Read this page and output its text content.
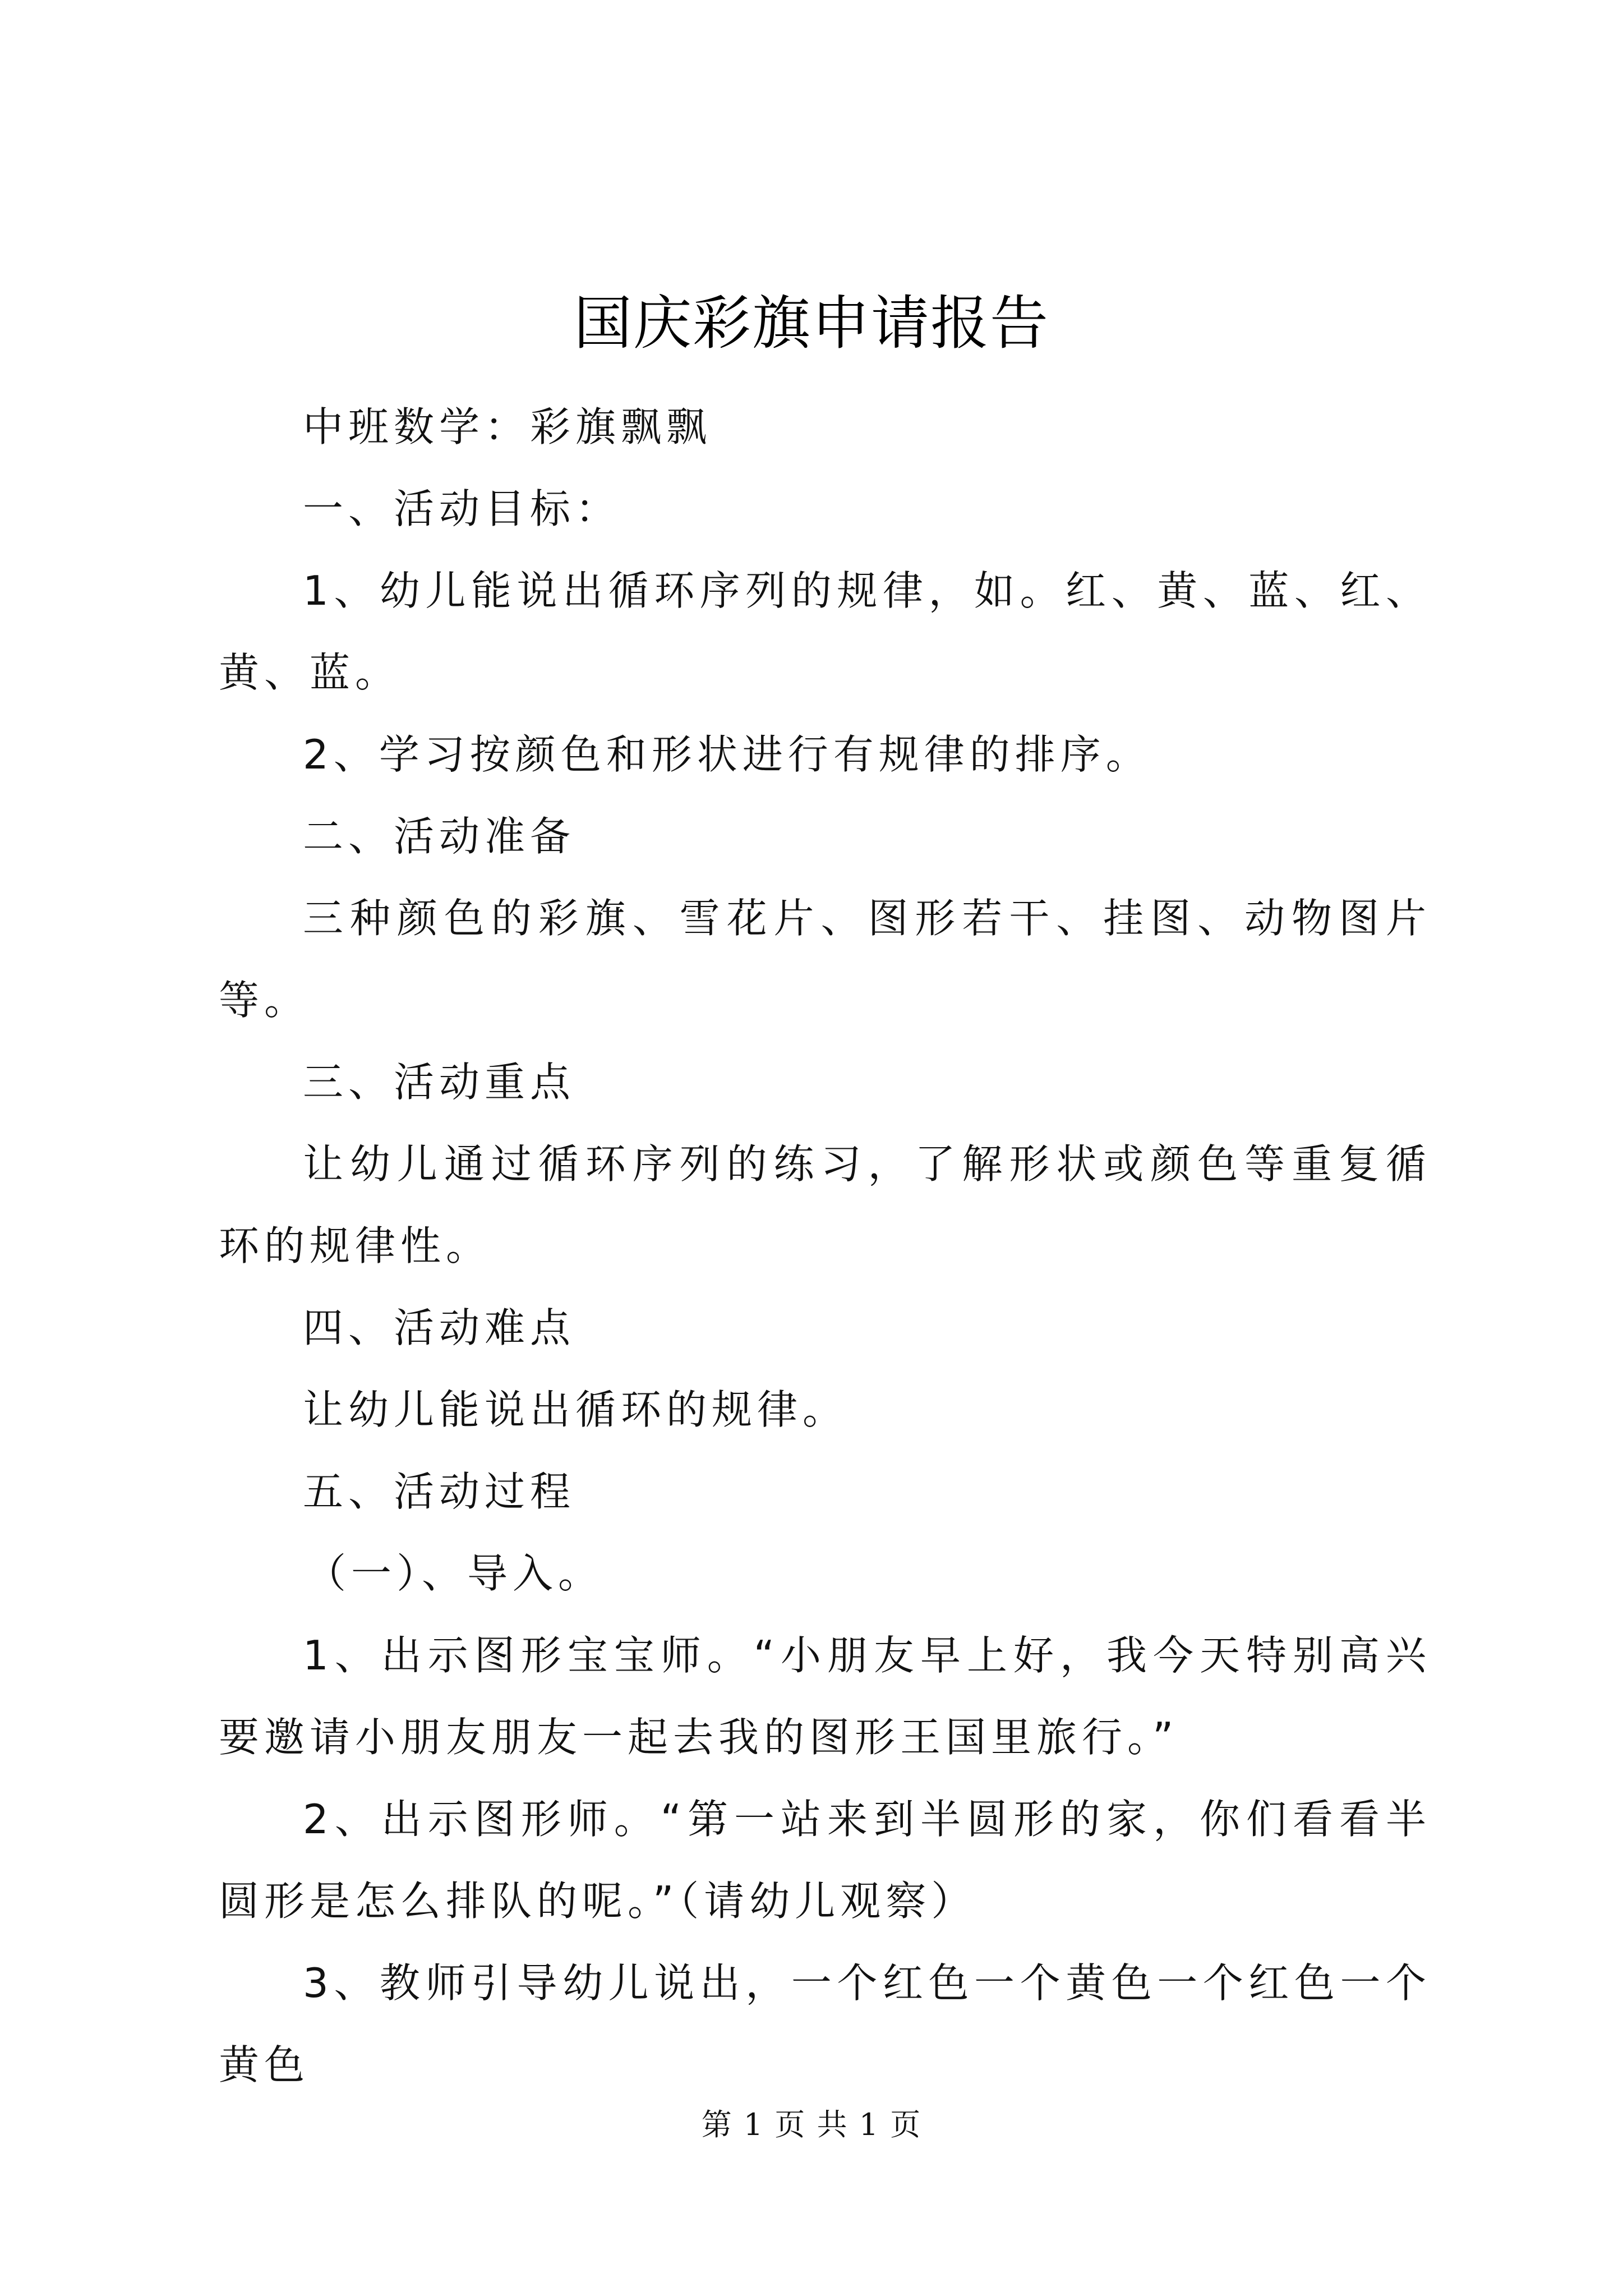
国庆彩旗申请报告

中班数学：彩旗飘飘

一、活动目标：

1、幼儿能说出循环序列的规律，如。红、黄、蓝、红、黄、蓝。

2、学习按颜色和形状进行有规律的排序。

二、活动准备

三种颜色的彩旗、雪花片、图形若干、挂图、动物图片等。

三、活动重点

让幼儿通过循环序列的练习，了解形状或颜色等重复循环的规律性。

四、活动难点

让幼儿能说出循环的规律。

五、活动过程

（一）、导入。

1、出示图形宝宝师。“小朋友早上好，我今天特别高兴要邀请小朋友朋友一起去我的图形王国里旅行。”

2、出示图形师。“第一站来到半圆形的家，你们看看半圆形是怎么排队的呢。”（请幼儿观察）

3、教师引导幼儿说出，一个红色一个黄色一个红色一个黄色

第 1 页 共 1 页
